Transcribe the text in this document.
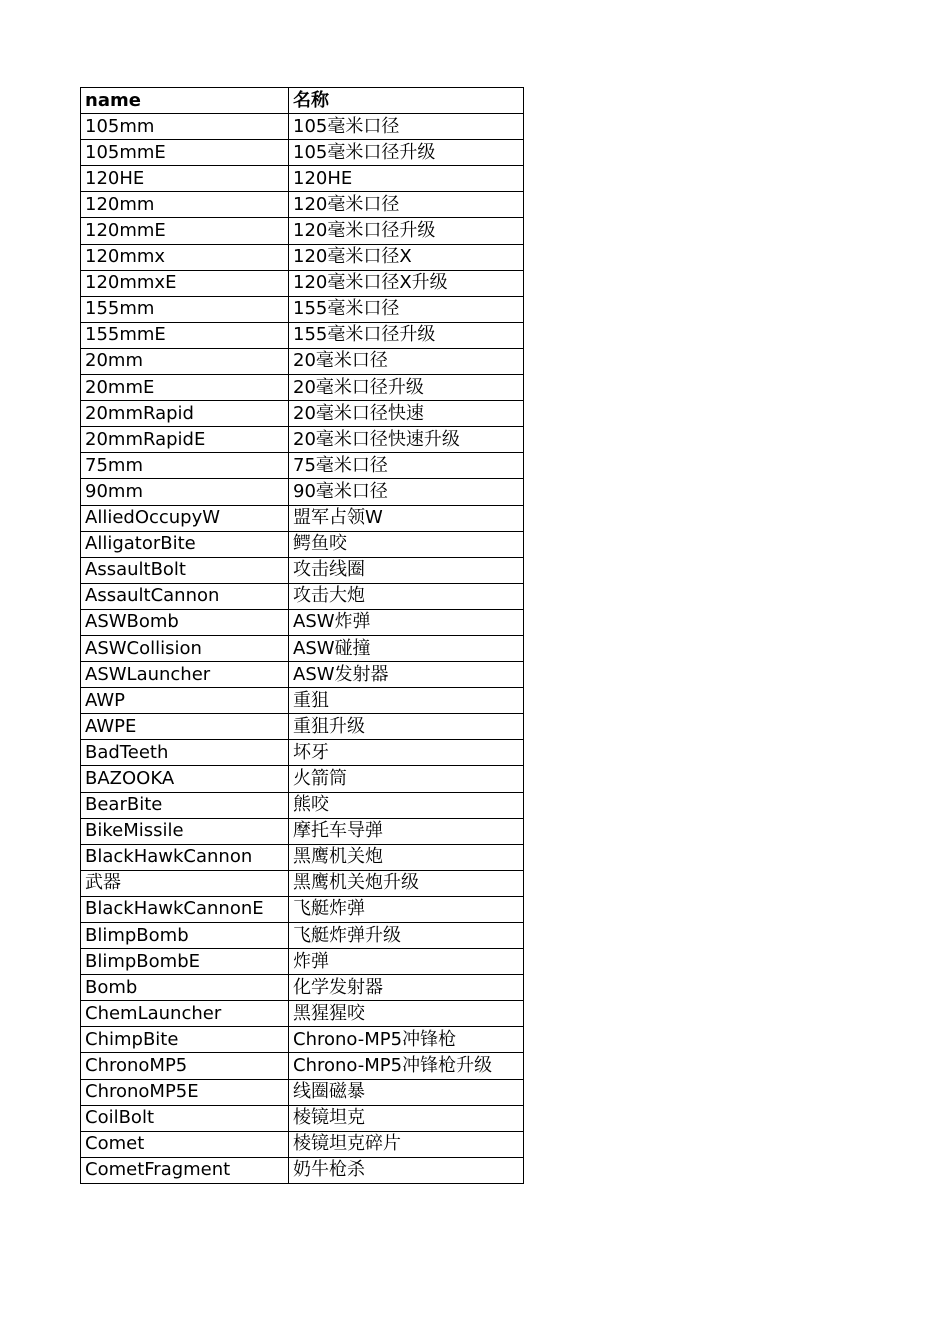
name	名称
105mm	105毫米口径
105mmE	105毫米口径升级
120HE	120HE
120mm	120毫米口径
120mmE	120毫米口径升级
120mmx	120毫米口径X
120mmxE	120毫米口径X升级
155mm	155毫米口径
155mmE	155毫米口径升级
20mm	20毫米口径
20mmE	20毫米口径升级
20mmRapid	20毫米口径快速
20mmRapidE	20毫米口径快速升级
75mm	75毫米口径
90mm	90毫米口径
AlliedOccupyW	盟军占领W
AlligatorBite	鳄鱼咬
AssaultBolt	攻击线圈
AssaultCannon	攻击大炮
ASWBomb	ASW炸弹
ASWCollision	ASW碰撞
ASWLauncher	ASW发射器
AWP	重狙
AWPE	重狙升级
BadTeeth	坏牙
BAZOOKA	火箭筒
BearBite	熊咬
BikeMissile	摩托车导弹
BlackHawkCannon	黑鹰机关炮
武器	黑鹰机关炮升级
BlackHawkCannonE	飞艇炸弹
BlimpBomb	飞艇炸弹升级
BlimpBombE	炸弹
Bomb	化学发射器
ChemLauncher	黑猩猩咬
ChimpBite	Chrono-MP5冲锋枪
ChronoMP5	Chrono-MP5冲锋枪升级
ChronoMP5E	线圈磁暴
CoilBolt	棱镜坦克
Comet	棱镜坦克碎片
CometFragment	奶牛枪杀
